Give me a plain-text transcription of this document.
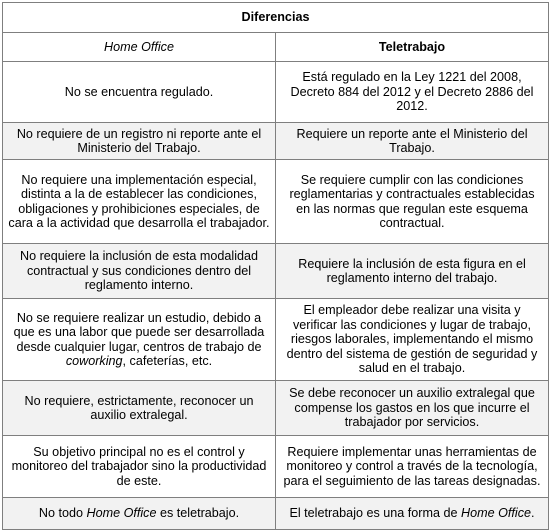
Diferencias	
Home Office	Teletrabajo
No se encuentra regulado.	Está regulado en la Ley 1221 del 2008, Decreto 884 del 2012 y el Decreto 2886 del 2012.
No requiere de un registro ni reporte ante el Ministerio del Trabajo.	Requiere un reporte ante el Ministerio del Trabajo.
No requiere una implementación especial, distinta a la de establecer las condiciones, obligaciones y prohibiciones especiales, de cara a la actividad que desarrolla el trabajador.	Se requiere cumplir con las condiciones reglamentarias y contractuales establecidas en las normas que regulan este esquema contractual.
No requiere la inclusión de esta modalidad contractual y sus condiciones dentro del reglamento interno.	Requiere la inclusión de esta figura en el reglamento interno del trabajo.
No se requiere realizar un estudio, debido a que es una labor que puede ser desarrollada desde cualquier lugar, centros de trabajo de coworking, cafeterías, etc.	El empleador debe realizar una visita y verificar las condiciones y lugar de trabajo, riesgos laborales, implementando el mismo dentro del sistema de gestión de seguridad y salud en el trabajo.
No requiere, estrictamente, reconocer un auxilio extralegal.	Se debe reconocer un auxilio extralegal que compense los gastos en los que incurre el trabajador por servicios.
Su objetivo principal no es el control y monitoreo del trabajador sino la productividad de este.	Requiere implementar unas herramientas de monitoreo y control a través de la tecnología, para el seguimiento de las tareas designadas.
No todo Home Office es teletrabajo.	El teletrabajo es una forma de Home Office.
